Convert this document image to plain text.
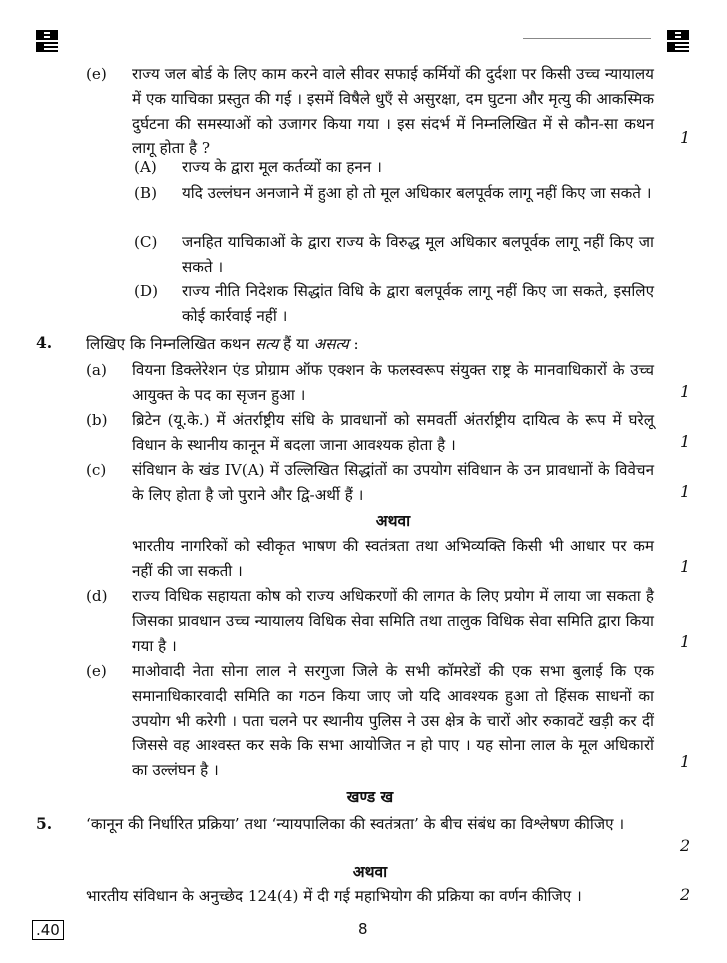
(e) राज्य जल बोर्ड के लिए काम करने वाले सीवर सफाई कर्मियों की दुर्दशा पर किसी उच्च न्यायालय में एक याचिका प्रस्तुत की गई । इसमें विषैले धुएँ से असुरक्षा, दम घुटना और मृत्यु की आकस्मिक दुर्घटना की समस्याओं को उजागर किया गया । इस संदर्भ में निम्नलिखित में से कौन-सा कथन लागू होता है ?
1
(A) राज्य के द्वारा मूल कर्तव्यों का हनन ।
(B) यदि उल्लंघन अनजाने में हुआ हो तो मूल अधिकार बलपूर्वक लागू नहीं किए जा सकते ।
(C) जनहित याचिकाओं के द्वारा राज्य के विरुद्ध मूल अधिकार बलपूर्वक लागू नहीं किए जा सकते ।
(D) राज्य नीति निदेशक सिद्धांत विधि के द्वारा बलपूर्वक लागू नहीं किए जा सकते, इसलिए कोई कार्रवाई नहीं ।
4. लिखिए कि निम्नलिखित कथन सत्य हैं या असत्य :
(a) वियना डिक्लेरेशन एंड प्रोग्राम ऑफ एक्शन के फलस्वरूप संयुक्त राष्ट्र के मानवाधिकारों के उच्च आयुक्त के पद का सृजन हुआ ।	1
(b) ब्रिटेन (यू.के.) में अंतर्राष्ट्रीय संधि के प्रावधानों को समवर्ती अंतर्राष्ट्रीय दायित्व के रूप में घरेलू विधान के स्थानीय कानून में बदला जाना आवश्यक होता है ।	1
(c) संविधान के खंड IV(A) में उल्लिखित सिद्धांतों का उपयोग संविधान के उन प्रावधानों के विवेचन के लिए होता है जो पुराने और द्वि-अर्थी हैं ।	1
अथवा
भारतीय नागरिकों को स्वीकृत भाषण की स्वतंत्रता तथा अभिव्यक्ति किसी भी आधार पर कम नहीं की जा सकती ।	1
(d) राज्य विधिक सहायता कोष को राज्य अधिकरणों की लागत के लिए प्रयोग में लाया जा सकता है जिसका प्रावधान उच्च न्यायालय विधिक सेवा समिति तथा तालुक विधिक सेवा समिति द्वारा किया गया है ।	1
(e) माओवादी नेता सोना लाल ने सरगुजा जिले के सभी कॉमरेडों की एक सभा बुलाई कि एक समानाधिकारवादी समिति का गठन किया जाए जो यदि आवश्यक हुआ तो हिंसक साधनों का उपयोग भी करेगी । पता चलने पर स्थानीय पुलिस ने उस क्षेत्र के चारों ओर रुकावटें खड़ी कर दीं जिससे वह आश्वस्त कर सके कि सभा आयोजित न हो पाए । यह सोना लाल के मूल अधिकारों का उल्लंघन है ।	1
खण्ड ख
5. ‘कानून की निर्धारित प्रक्रिया’ तथा ‘न्यायपालिका की स्वतंत्रता’ के बीच संबंध का विश्लेषण कीजिए ।
2
अथवा
भारतीय संविधान के अनुच्छेद 124(4) में दी गई महाभियोग की प्रक्रिया का वर्णन कीजिए ।	2
.40	8
